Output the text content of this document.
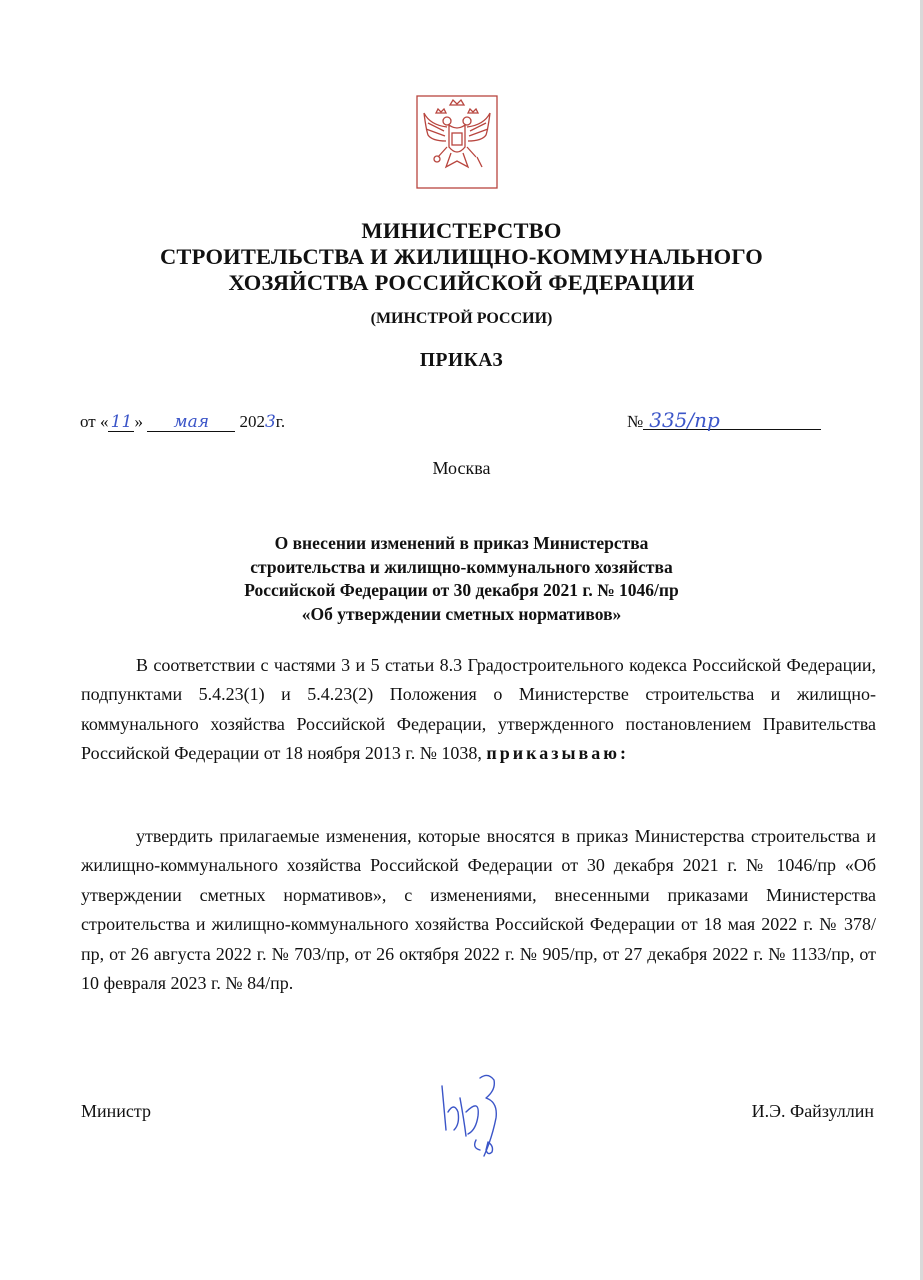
МИНИСТЕРСТВО
СТРОИТЕЛЬСТВА И ЖИЛИЩНО-КОММУНАЛЬНОГО
ХОЗЯЙСТВА РОССИЙСКОЙ ФЕДЕРАЦИИ
(МИНСТРОЙ РОССИИ)
ПРИКАЗ
от « 11 » мая 2023г.	№ 335/пр
Москва
О внесении изменений в приказ Министерства
строительства и жилищно-коммунального хозяйства
Российской Федерации от 30 декабря 2021 г. № 1046/пр
«Об утверждении сметных нормативов»
В соответствии с частями 3 и 5 статьи 8.3 Градостроительного кодекса Российской Федерации, подпунктами 5.4.23(1) и 5.4.23(2) Положения о Министерстве строительства и жилищно-коммунального хозяйства Российской Федерации, утвержденного постановлением Правительства Российской Федерации от 18 ноября 2013 г. № 1038, приказываю:
утвердить прилагаемые изменения, которые вносятся в приказ Министерства строительства и жилищно-коммунального хозяйства Российской Федерации от 30 декабря 2021 г. № 1046/пр «Об утверждении сметных нормативов», с изменениями, внесенными приказами Министерства строительства и жилищно-коммунального хозяйства Российской Федерации от 18 мая 2022 г. № 378/пр, от 26 августа 2022 г. № 703/пр, от 26 октября 2022 г. № 905/пр, от 27 декабря 2022 г. № 1133/пр, от 10 февраля 2023 г. № 84/пр.
Министр	И.Э. Файзуллин
